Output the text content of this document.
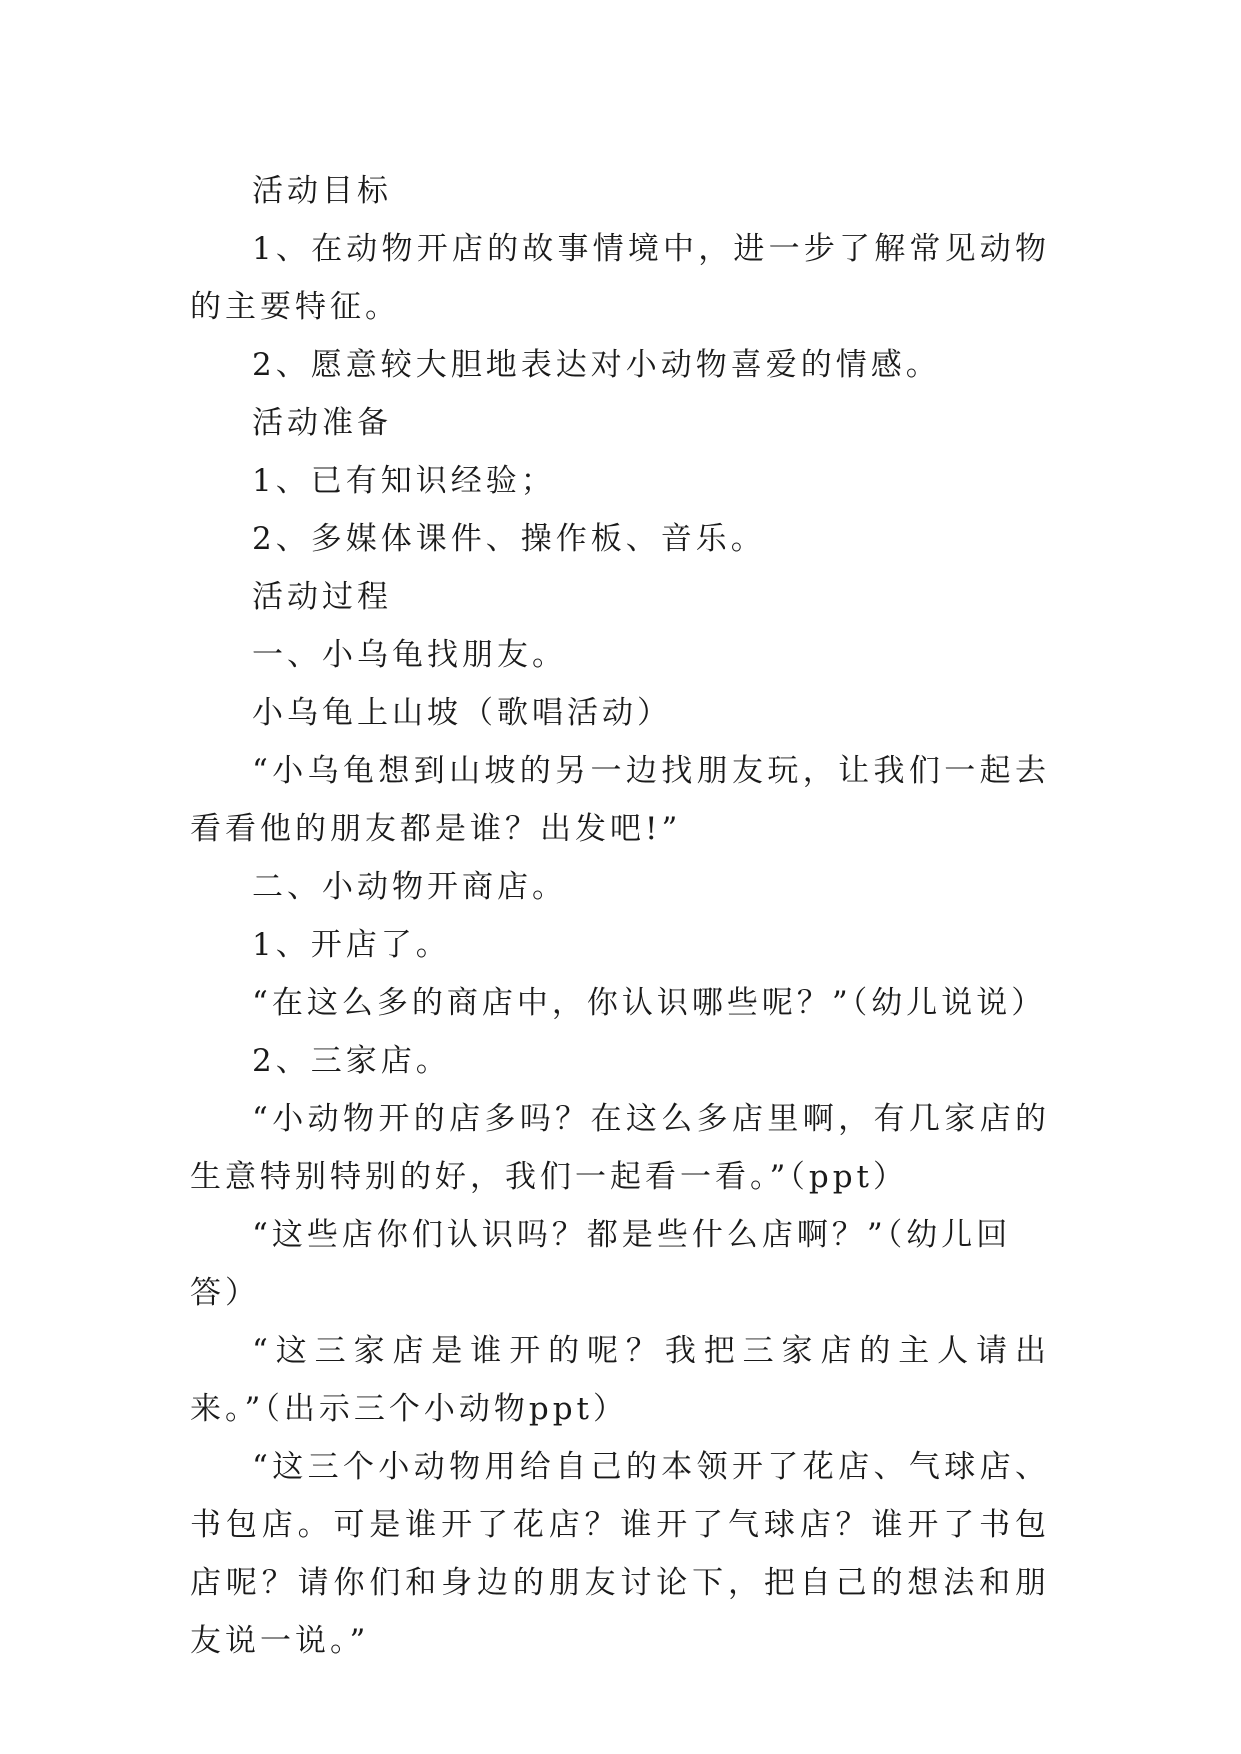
活动目标

1、在动物开店的故事情境中，进一步了解常见动物的主要特征。

2、愿意较大胆地表达对小动物喜爱的情感。

活动准备

1、已有知识经验；

2、多媒体课件、操作板、音乐。

活动过程

一、小乌龟找朋友。

小乌龟上山坡（歌唱活动）

“小乌龟想到山坡的另一边找朋友玩，让我们一起去看看他的朋友都是谁？出发吧!”

二、小动物开商店。

1、开店了。

“在这么多的商店中，你认识哪些呢？”（幼儿说说）

2、三家店。

“小动物开的店多吗？在这么多店里啊，有几家店的生意特别特别的好，我们一起看一看。”（ppt）

“这些店你们认识吗？都是些什么店啊？”（幼儿回答）

“这三家店是谁开的呢？我把三家店的主人请出来。”（出示三个小动物ppt）

“这三个小动物用给自己的本领开了花店、气球店、书包店。可是谁开了花店？谁开了气球店？谁开了书包店呢？请你们和身边的朋友讨论下，把自己的想法和朋友说一说。”
